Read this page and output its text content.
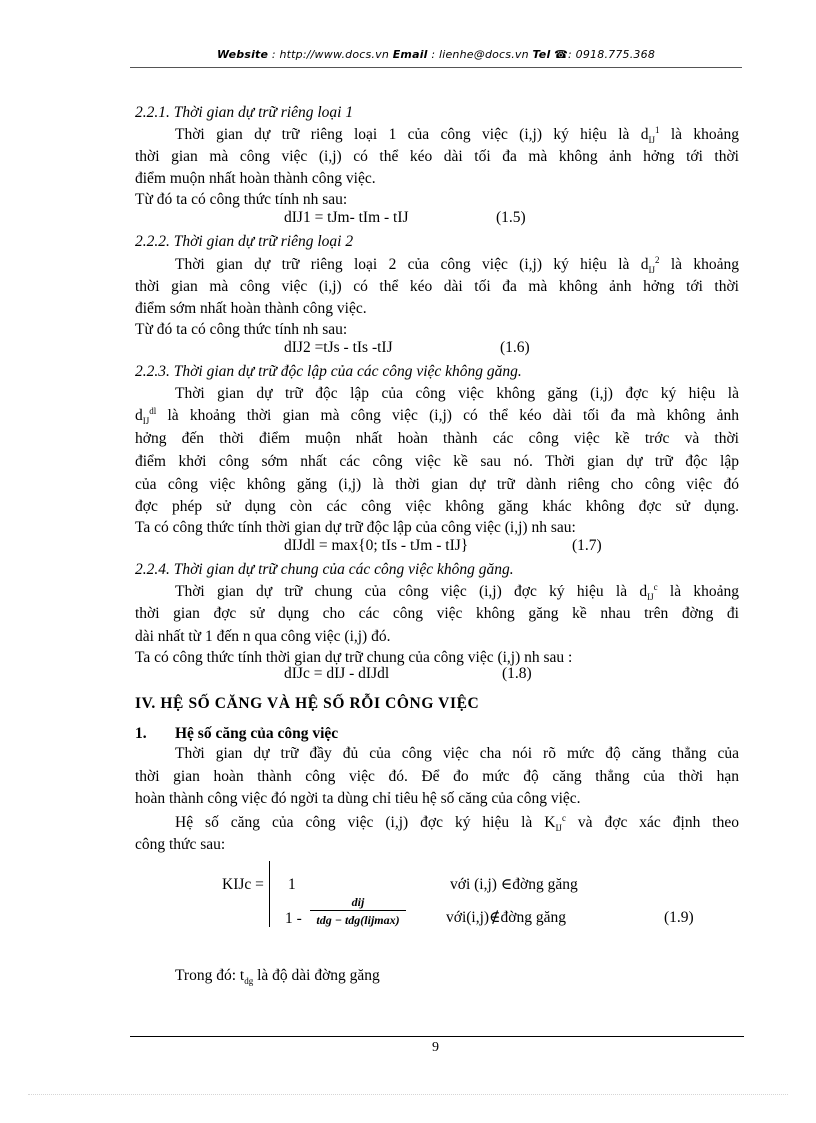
Website : http://www.docs.vn Email : lienhe@docs.vn Tel ☎: 0918.775.368
2.2.1. Thời gian dự trữ riêng loại 1
Thời gian dự trữ riêng loại 1 của công việc (i,j) ký hiệu là $d_{IJ}^1$ là khoảng
thời gian mà công việc (i,j) có thể kéo dài tối đa mà không ảnh hởng tới thời
điểm muộn nhất hoàn thành công việc.
Từ đó ta có công thức tính nh sau:
dIJ1 = tJm- tIm - tIJ	(1.5)
2.2.2. Thời gian dự trữ riêng loại 2
Thời gian dự trữ riêng loại 2 của công việc (i,j) ký hiệu là $d_{IJ}^2$ là khoảng
thời gian mà công việc (i,j) có thể kéo dài tối đa mà không ảnh hởng tới thời
điểm sớm nhất hoàn thành công việc.
Từ đó ta có công thức tính nh sau:
dIJ2 =tJs - tIs -tIJ	(1.6)
2.2.3. Thời gian dự trữ độc lập của các công việc không găng.
Thời gian dự trữ độc lập của công việc không găng (i,j) đợc ký hiệu là
$d_{IJ}^{dl}$ là khoảng thời gian mà công việc (i,j) có thể kéo dài tối đa mà không ảnh
hởng đến thời điểm muộn nhất hoàn thành các công việc kề trớc và thời
điểm khởi công sớm nhất các công việc kề sau nó. Thời gian dự trữ độc lập
của công việc không găng (i,j) là thời gian dự trữ dành riêng cho công việc đó
đợc phép sử dụng còn các công việc không găng khác không đợc sử dụng.
Ta có công thức tính thời gian dự trữ độc lập của công việc (i,j) nh sau:
dIJdl = max{0; tIs - tJm - tIJ}	(1.7)
2.2.4. Thời gian dự trữ chung của các công việc không găng.
Thời gian dự trữ chung của công việc (i,j) đợc ký hiệu là $d_{IJ}^c$ là khoảng
thời gian đợc sử dụng cho các công việc không găng kề nhau trên đờng đi
dài nhất từ 1 đến n qua công việc (i,j) đó.
Ta có công thức tính thời gian dự trữ chung của công việc (i,j) nh sau :
dIJc = dIJ - dIJdl	(1.8)
IV. HỆ SỐ CĂNG VÀ HỆ SỐ RỖI CÔNG VIỆC
1. Hệ số căng của công việc
Thời gian dự trữ đầy đủ của công việc cha nói rõ mức độ căng thẳng của
thời gian hoàn thành công việc đó. Để đo mức độ căng thẳng của thời hạn
hoàn thành công việc đó ngời ta dùng chỉ tiêu hệ số căng của công việc.
Hệ số căng của công việc (i,j) đợc ký hiệu là $K_{IJ}^c$ và đợc xác định theo
công thức sau:
KIJc = 1	với (i,j) ∈đờng găng
1 -
dij
tdg − tdg(lijmax)	với(i,j)∉đờng găng	(1.9)
Trong đó: $t_{dg}$ là độ dài đờng găng
9
